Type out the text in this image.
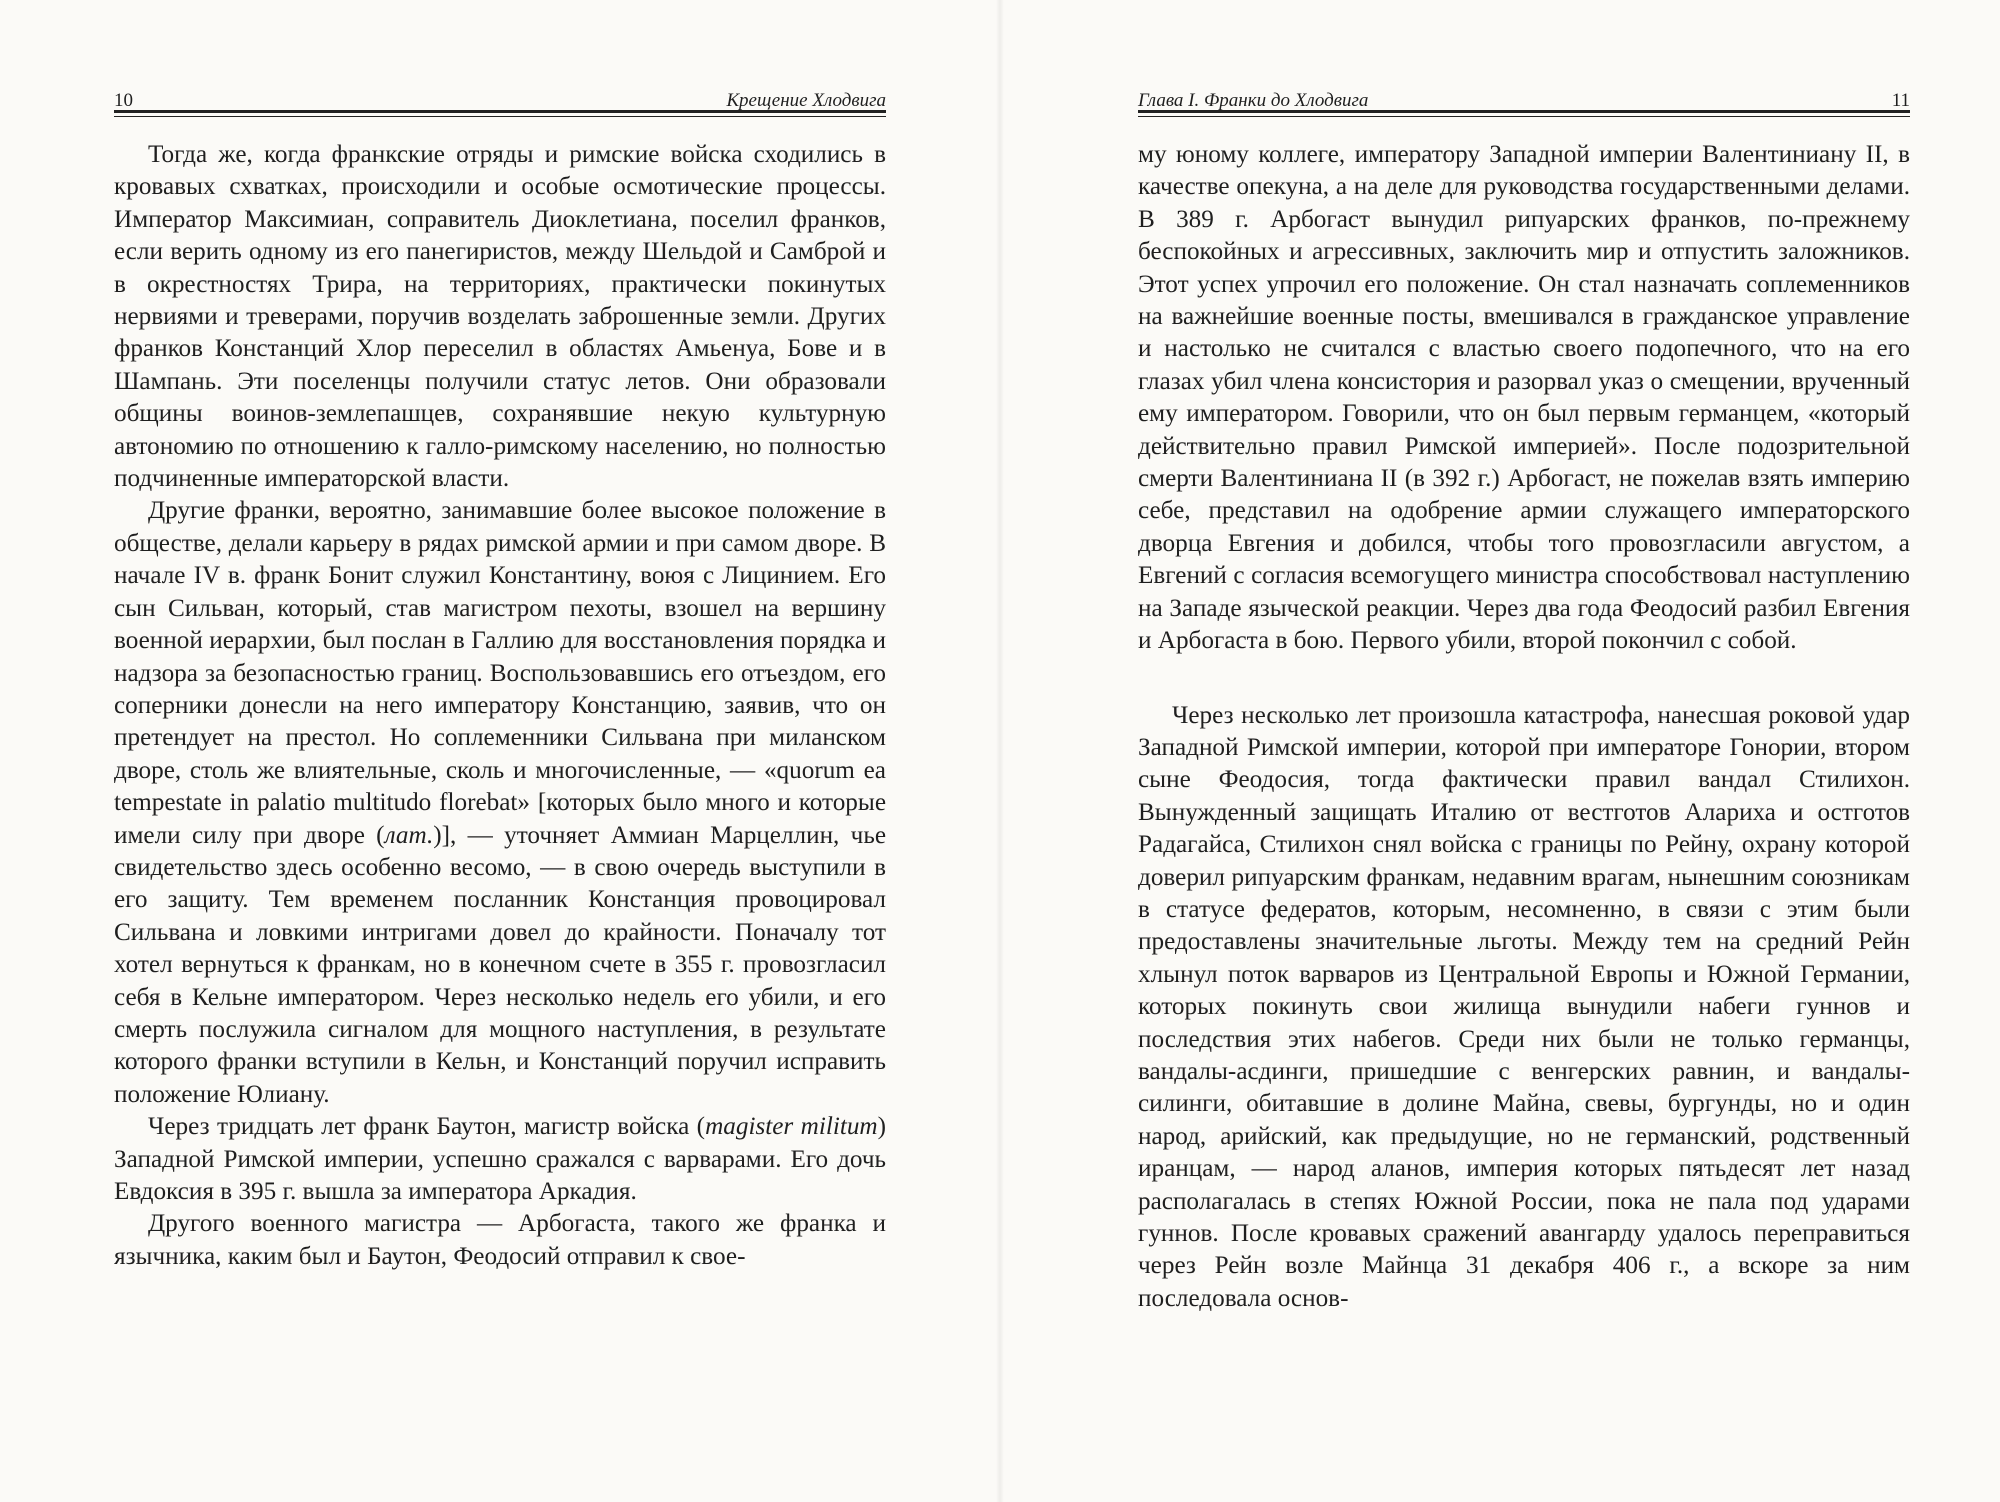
10	Крещение Хлодвига

Тогда же, когда франкские отряды и римские войска сходились в кровавых схватках, происходили и особые осмотические процессы. Император Максимиан, соправитель Диоклетиана, поселил франков, если верить одному из его панегиристов, между Шельдой и Самброй и в окрестностях Трира, на территориях, практически покинутых нервиями и треверами, поручив возделать заброшенные земли. Других франков Констанций Хлор переселил в областях Амьенуа, Бове и в Шампань. Эти поселенцы получили статус летов. Они образовали общины воинов-землепашцев, сохранявшие некую культурную автономию по отношению к галло-римскому населению, но полностью подчиненные императорской власти.

Другие франки, вероятно, занимавшие более высокое положение в обществе, делали карьеру в рядах римской армии и при самом дворе. В начале IV в. франк Бонит служил Константину, воюя с Лицинием. Его сын Сильван, который, став магистром пехоты, взошел на вершину военной иерархии, был послан в Галлию для восстановления порядка и надзора за безопасностью границ. Воспользовавшись его отъездом, его соперники донесли на него императору Констанцию, заявив, что он претендует на престол. Но соплеменники Сильвана при миланском дворе, столь же влиятельные, сколь и многочисленные, — «quorum ea tempestate in palatio multitudo florebat» [которых было много и которые имели силу при дворе (лат.)], — уточняет Аммиан Марцеллин, чье свидетельство здесь особенно весомо, — в свою очередь выступили в его защиту. Тем временем посланник Констанция провоцировал Сильвана и ловкими интригами довел до крайности. Поначалу тот хотел вернуться к франкам, но в конечном счете в 355 г. провозгласил себя в Кельне императором. Через несколько недель его убили, и его смерть послужила сигналом для мощного наступления, в результате которого франки вступили в Кельн, и Констанций поручил исправить положение Юлиану.

Через тридцать лет франк Баутон, магистр войска (magister militum) Западной Римской империи, успешно сражался с варварами. Его дочь Евдоксия в 395 г. вышла за императора Аркадия.

Другого военного магистра — Арбогаста, такого же франка и язычника, каким был и Баутон, Феодосий отправил к свое-

Глава I. Франки до Хлодвига	11

му юному коллеге, императору Западной империи Валентиниану II, в качестве опекуна, а на деле для руководства государственными делами. В 389 г. Арбогаст вынудил рипуарских франков, по-прежнему беспокойных и агрессивных, заключить мир и отпустить заложников. Этот успех упрочил его положение. Он стал назначать соплеменников на важнейшие военные посты, вмешивался в гражданское управление и настолько не считался с властью своего подопечного, что на его глазах убил члена консистория и разорвал указ о смещении, врученный ему императором. Говорили, что он был первым германцем, «который действительно правил Римской империей». После подозрительной смерти Валентиниана II (в 392 г.) Арбогаст, не пожелав взять империю себе, представил на одобрение армии служащего императорского дворца Евгения и добился, чтобы того провозгласили августом, а Евгений с согласия всемогущего министра способствовал наступлению на Западе языческой реакции. Через два года Феодосий разбил Евгения и Арбогаста в бою. Первого убили, второй покончил с собой.

Через несколько лет произошла катастрофа, нанесшая роковой удар Западной Римской империи, которой при императоре Гонории, втором сыне Феодосия, тогда фактически правил вандал Стилихон. Вынужденный защищать Италию от вестготов Алариха и остготов Радагайса, Стилихон снял войска с границы по Рейну, охрану которой доверил рипуарским франкам, недавним врагам, нынешним союзникам в статусе федератов, которым, несомненно, в связи с этим были предоставлены значительные льготы. Между тем на средний Рейн хлынул поток варваров из Центральной Европы и Южной Германии, которых покинуть свои жилища вынудили набеги гуннов и последствия этих набегов. Среди них были не только германцы, вандалы-асдинги, пришедшие с венгерских равнин, и вандалы-силинги, обитавшие в долине Майна, свевы, бургунды, но и один народ, арийский, как предыдущие, но не германский, родственный иранцам, — народ аланов, империя которых пятьдесят лет назад располагалась в степях Южной России, пока не пала под ударами гуннов. После кровавых сражений авангарду удалось переправиться через Рейн возле Майнца 31 декабря 406 г., а вскоре за ним последовала основ-
